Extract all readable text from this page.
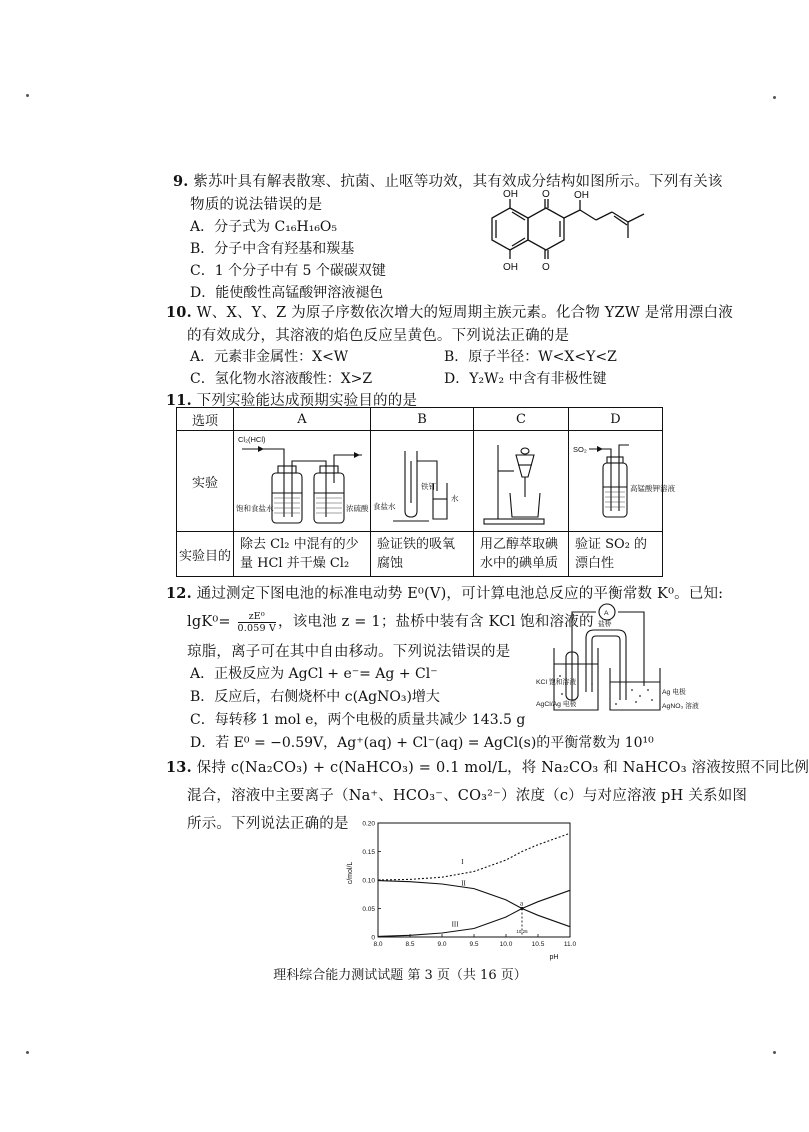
9. 紫苏叶具有解表散寒、抗菌、止呕等功效，其有效成分结构如图所示。下列有关该
物质的说法错误的是
A．分子式为 C₁₆H₁₆O₅
B．分子中含有羟基和羰基
C．1 个分子中有 5 个碳碳双键
D．能使酸性高锰酸钾溶液褪色
OH O OH
OH O
10. W、X、Y、Z 为原子序数依次增大的短周期主族元素。化合物 YZW 是常用漂白液
的有效成分，其溶液的焰色反应呈黄色。下列说法正确的是
A．元素非金属性：X<W	B．原子半径：W<X<Y<Z
C．氢化物水溶液酸性：X>Z	D．Y₂W₂ 中含有非极性键
11. 下列实验能达成预期实验目的的是
选项	A	B	C	D
实验	Cl₂(HCl)
饱和食盐水 浓硫酸	食盐水
铁钉
水		SO₂
高锰酸钾溶液

实验目的	除去 Cl₂ 中混有的少量 HCl 并干燥 Cl₂	验证铁的吸氧腐蚀	用乙醇萃取碘水中的碘单质	验证 SO₂ 的漂白性
12. 通过测定下图电池的标准电动势 E⁰(V)，可计算电池总反应的平衡常数 K⁰。已知:
$\lg K^0= \frac{\text{zE⁰}}{0.059 V}$ ，该电池 z = 1；盐桥中装有含 KCl 饱和溶液的
琼脂，离子可在其中自由移动。下列说法错误的是
A．正极反应为 AgCl + e⁻= Ag + Cl⁻
B．反应后，右侧烧杯中 c(AgNO₃)增大
C．每转移 1 mol e，两个电极的质量共减少 143.5 g
D．若 E⁰ = −0.59V，Ag⁺(aq) + Cl⁻(aq) = AgCl(s)的平衡常数为 10¹⁰
A
盐桥
KCl 饱和溶液
AgCl/Ag 电极
Ag 电极
AgNO₃ 溶液
13. 保持 c(Na₂CO₃) + c(NaHCO₃) = 0.1 mol/L，将 Na₂CO₃ 和 NaHCO₃ 溶液按照不同比例
混合，溶液中主要离子（Na⁺、HCO₃⁻、CO₃²⁻）浓度（c）与对应溶液 pH 关系如图
所示。下列说法正确的是
c/mol/L
pH
0
0.05
0.10
0.15
0.20
8.0	8.5	9.0	9.5	10.0	10.5	11.0
I
II
III
a
10.25
理科综合能力测试试题 第 3 页（共 16 页）
